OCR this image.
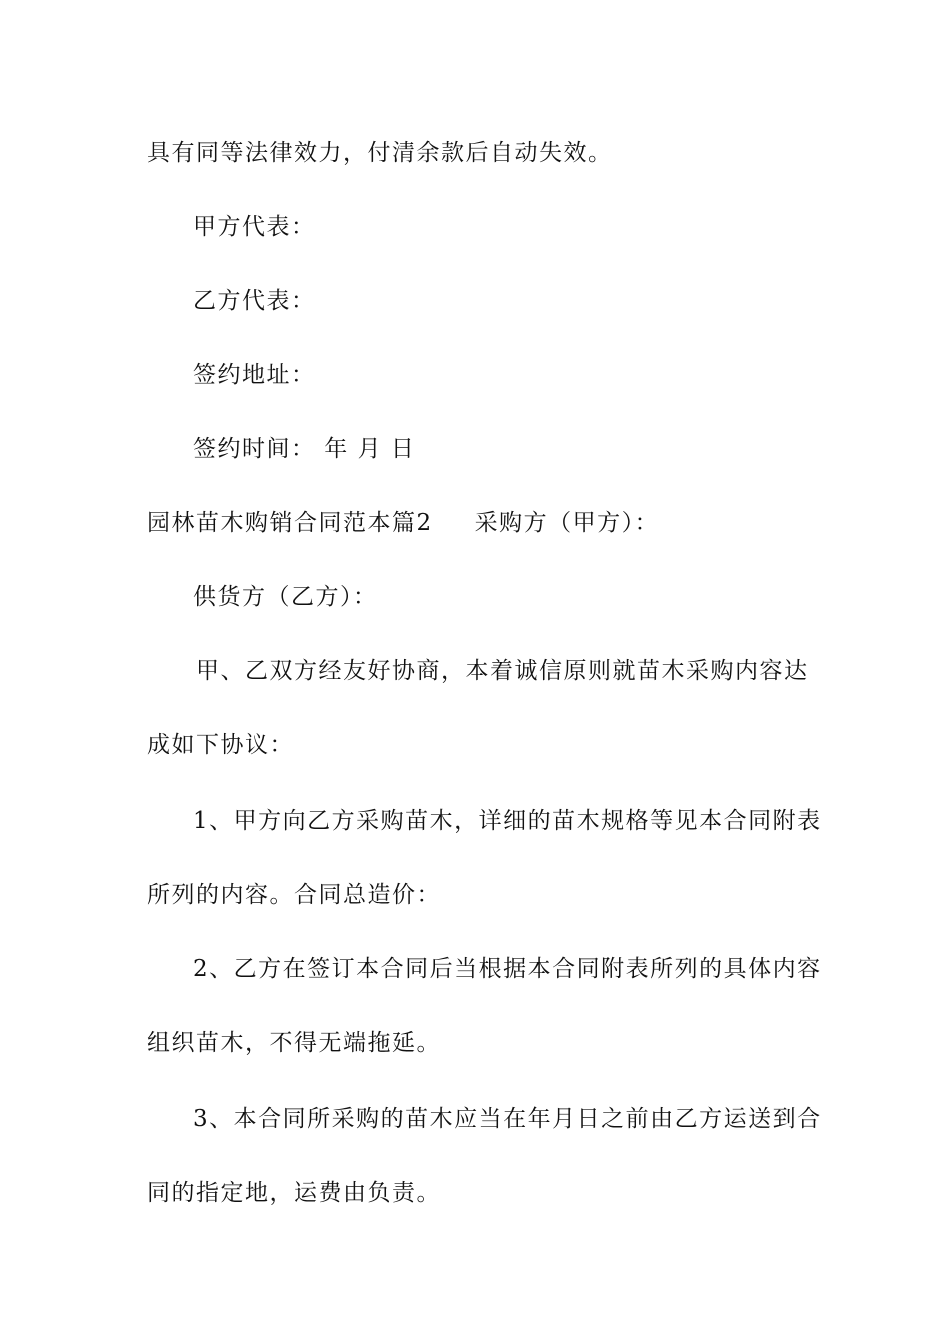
具有同等法律效力，付清余款后自动失效。
甲方代表：
乙方代表：
签约地址：
签约时间： 年 月 日
园林苗木购销合同范本篇2 采购方（甲方）：
供货方（乙方）：
甲、乙双方经友好协商，本着诚信原则就苗木采购内容达
成如下协议：
1、甲方向乙方采购苗木，详细的苗木规格等见本合同附表
所列的内容。合同总造价：
2、乙方在签订本合同后当根据本合同附表所列的具体内容
组织苗木，不得无端拖延。
3、本合同所采购的苗木应当在年月日之前由乙方运送到合
同的指定地，运费由负责。
